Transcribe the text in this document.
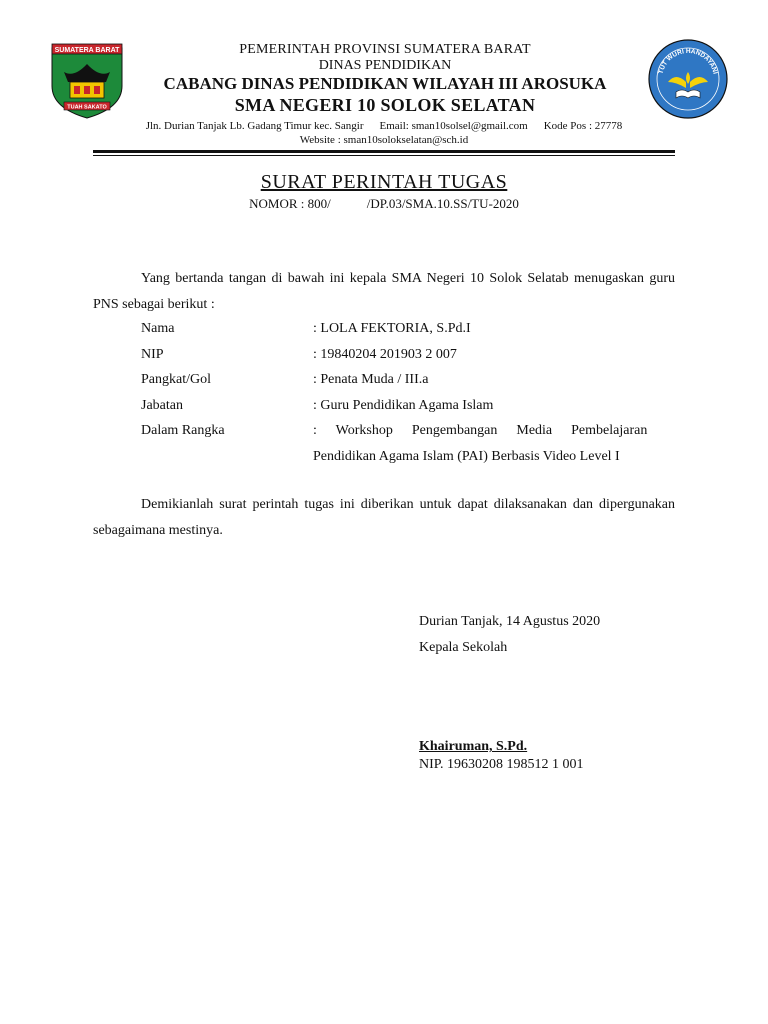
SUMATERA BARAT
TUAH SAKATO
TUT WURI HANDAYANI
PEMERINTAH PROVINSI SUMATERA BARAT
DINAS PENDIDIKAN
CABANG DINAS PENDIDIKAN WILAYAH III AROSUKA
SMA NEGERI 10 SOLOK SELATAN
Jln. Durian Tanjak Lb. Gadang Timur kec. Sangir Email: sman10solsel@gmail.com Kode Pos : 27778
Website : sman10solokselatan@sch.id
SURAT PERINTAH TUGAS
NOMOR : 800/	/DP.03/SMA.10.SS/TU-2020
Yang bertanda tangan di bawah ini kepala SMA Negeri 10 Solok Selatab menugaskan guru PNS sebagai berikut :
Nama	: LOLA FEKTORIA, S.Pd.I
NIP	: 19840204 201903 2 007
Pangkat/Gol	: Penata Muda / III.a
Jabatan	: Guru Pendidikan Agama Islam
Dalam Rangka	:  Workshop  Pengembangan  Media  Pembelajaran
Pendidikan Agama Islam (PAI) Berbasis Video Level I
Demikianlah surat perintah tugas ini diberikan untuk dapat dilaksanakan dan dipergunakan sebagaimana mestinya.
Durian Tanjak, 14 Agustus 2020
Kepala Sekolah
Khairuman, S.Pd.
NIP. 19630208 198512 1 001
